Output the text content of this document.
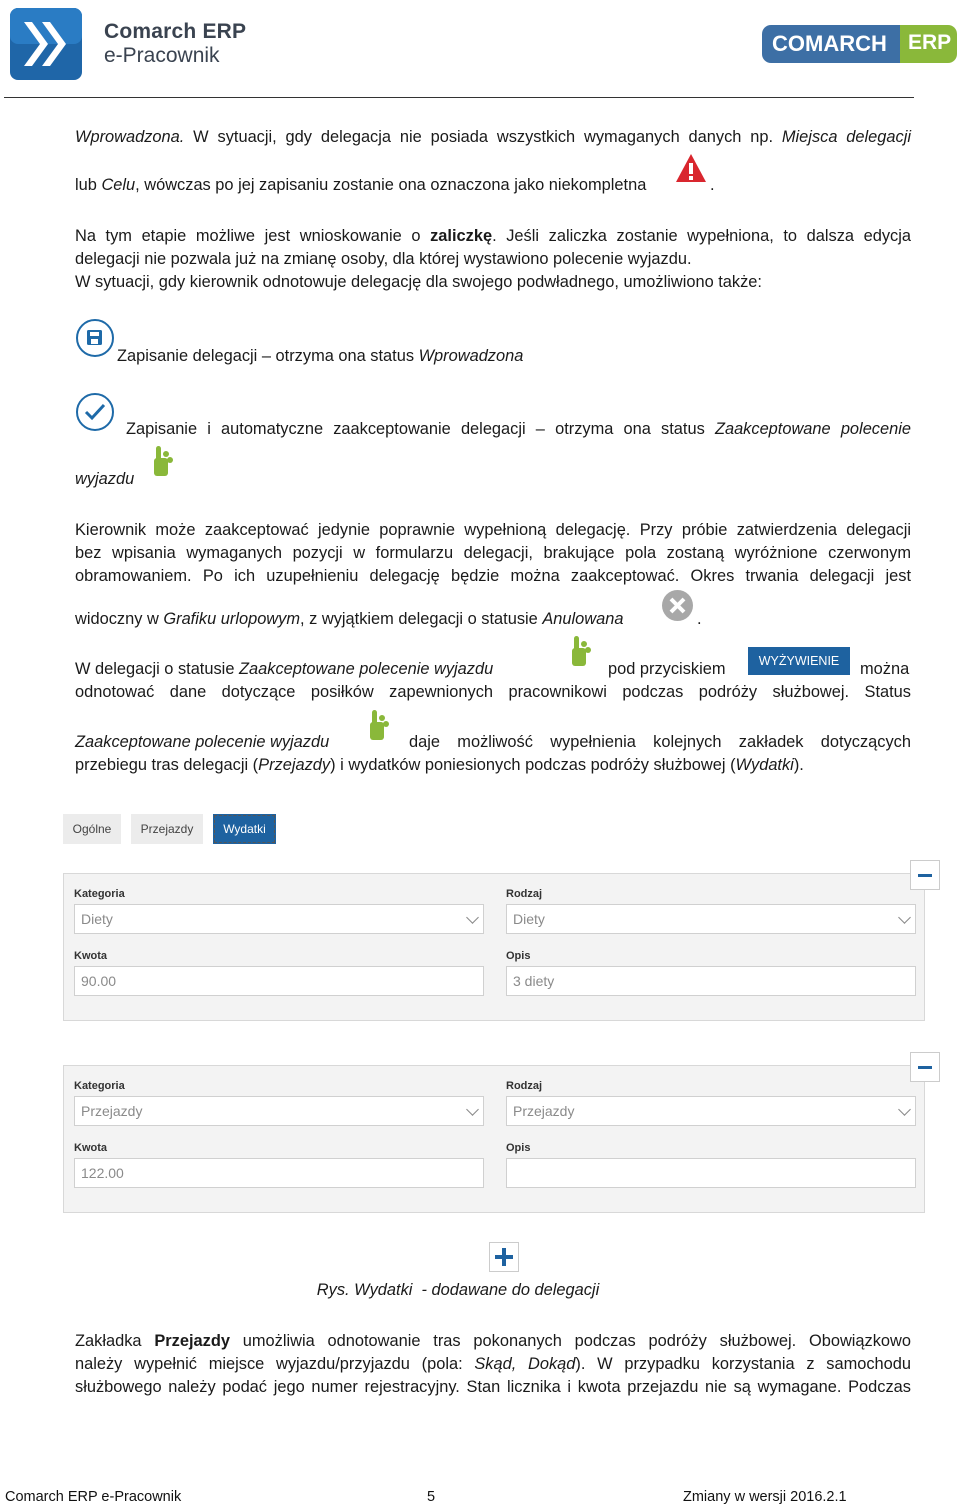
Comarch ERP
e-Pracownik	COMARCH ERP
Wprowadzona. W sytuacji, gdy delegacja nie posiada wszystkich wymaganych danych np. Miejsca delegacji
lub Celu, wówczas po jej zapisaniu zostanie ona oznaczona jako niekompletna	.
Na tym etapie możliwe jest wnioskowanie o zaliczkę. Jeśli zaliczka zostanie wypełniona, to dalsza edycja
delegacji nie pozwala już na zmianę osoby, dla której wystawiono polecenie wyjazdu.
W sytuacji, gdy kierownik odnotowuje delegację dla swojego podwładnego, umożliwiono także:
Zapisanie delegacji – otrzyma ona status Wprowadzona
Zapisanie i automatyczne zaakceptowanie delegacji – otrzyma ona status Zaakceptowane polecenie
wyjazdu
Kierownik może zaakceptować jedynie poprawnie wypełnioną delegację. Przy próbie zatwierdzenia delegacji
bez wpisania wymaganych pozycji w formularzu delegacji, brakujące pola zostaną wyróżnione czerwonym
obramowaniem. Po ich uzupełnieniu delegację będzie można zaakceptować. Okres trwania delegacji jest
widoczny w Grafiku urlopowym, z wyjątkiem delegacji o statusie Anulowana	.
W delegacji o statusie Zaakceptowane polecenie wyjazdu	pod przyciskiem	WYŻYWIENIE	można
odnotować dane dotyczące posiłków zapewnionych pracownikowi podczas podróży służbowej. Status
Zaakceptowane polecenie wyjazdu	daje możliwość wypełnienia kolejnych zakładek dotyczących
przebiegu tras delegacji (Przejazdy) i wydatków poniesionych podczas podróży służbowej (Wydatki).
Ogólne	Przejazdy	Wydatki
Kategoria
Diety
Rodzaj
Diety
Kwota
90.00
Opis
3 diety
Kategoria
Przejazdy
Rodzaj
Przejazdy
Kwota
122.00
Opis
Rys. Wydatki  - dodawane do delegacji
Zakładka Przejazdy umożliwia odnotowanie tras pokonanych podczas podróży służbowej. Obowiązkowo
należy wypełnić miejsce wyjazdu/przyjazdu (pola: Skąd, Dokąd). W przypadku korzystania z samochodu
służbowego należy podać jego numer rejestracyjny. Stan licznika i kwota przejazdu nie są wymagane. Podczas
Comarch ERP e-Pracownik	5	Zmiany w wersji 2016.2.1
